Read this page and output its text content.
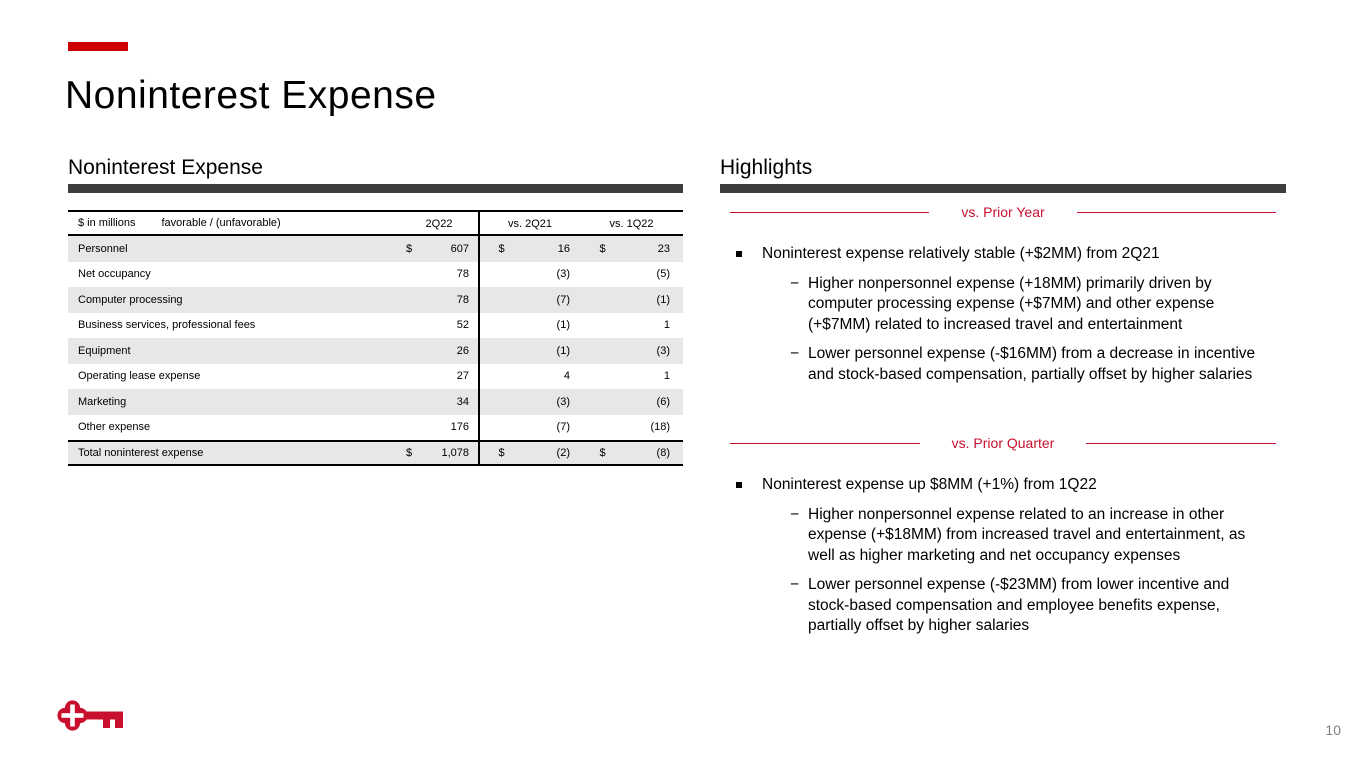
Noninterest Expense
Noninterest Expense
$ in millions favorable / (unfavorable)	2Q22	vs. 2Q21	vs. 1Q22
Personnel	$	607	$	16	$	23
Net occupancy	78	(3)	(5)
Computer processing	78	(7)	(1)
Business services, professional fees	52	(1)	1
Equipment	26	(1)	(3)
Operating lease expense	27	4	1
Marketing	34	(3)	(6)
Other expense	176	(7)	(18)
Total noninterest expense	$	1,078	$	(2)	$	(8)
Highlights
vs. Prior Year
Noninterest expense relatively stable (+$2MM) from 2Q21
−
Higher nonpersonnel expense (+18MM) primarily driven by computer processing expense (+$7MM) and other expense (+$7MM) related to increased travel and entertainment
−
Lower personnel expense (-$16MM) from a decrease in incentive and stock-based compensation, partially offset by higher salaries
vs. Prior Quarter
Noninterest expense up $8MM (+1%) from 1Q22
−
Higher nonpersonnel expense related to an increase in other expense (+$18MM) from increased travel and entertainment, as well as higher marketing and net occupancy expenses
−
Lower personnel expense (-$23MM) from lower incentive and stock-based compensation and employee benefits expense, partially offset by higher salaries
10
